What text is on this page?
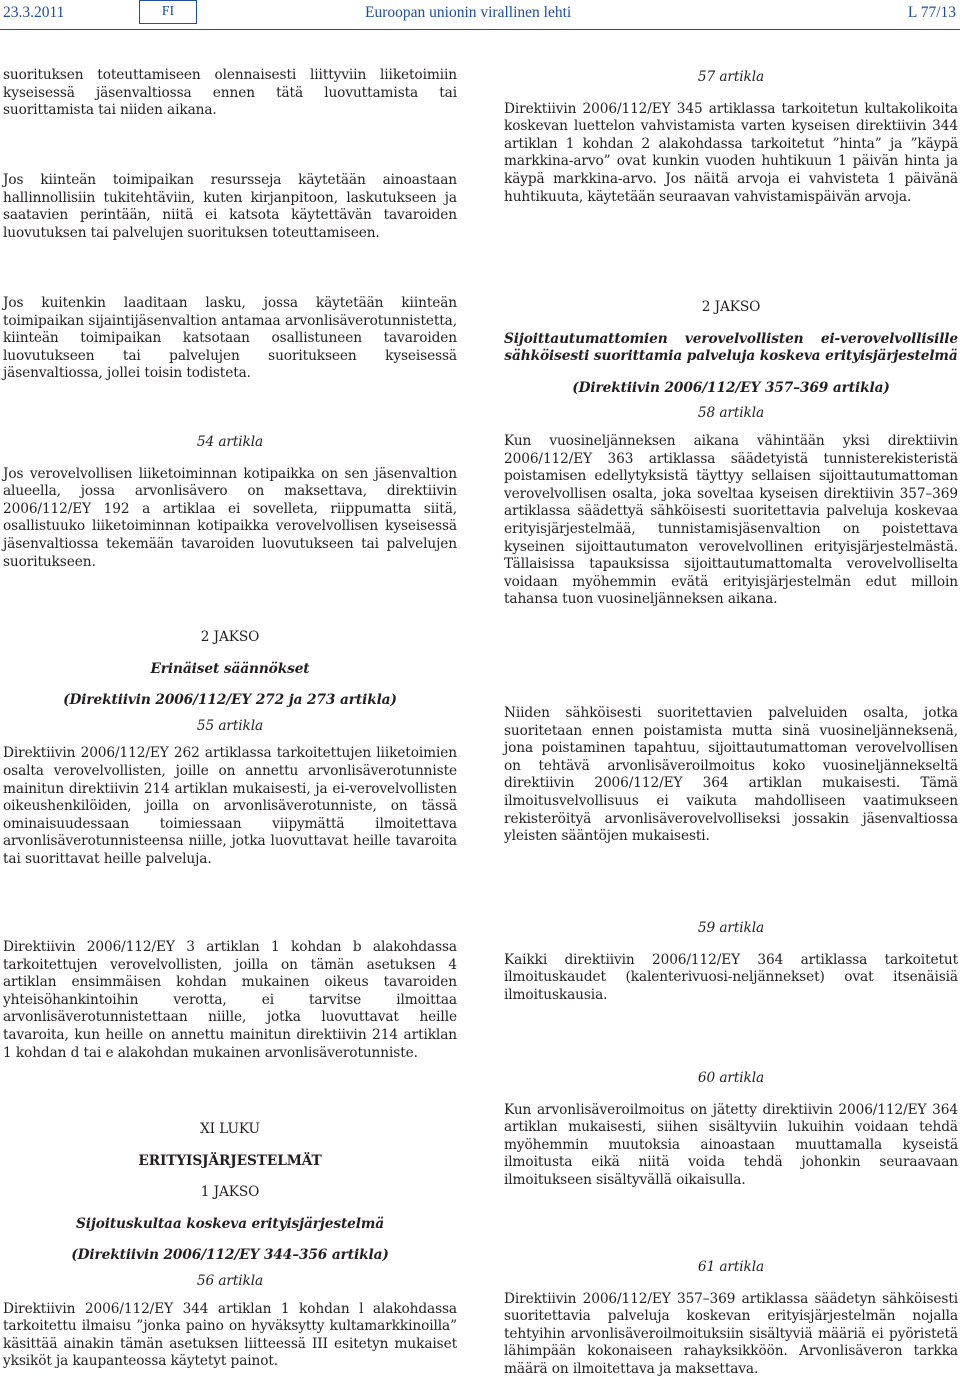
23.3.2011	FI	Euroopan unionin virallinen lehti	L 77/13

suorituksen toteuttamiseen olennaisesti liittyviin liiketoimiin kyseisessä jäsenvaltiossa ennen tätä luovuttamista tai suorittamista tai niiden aikana.

Jos kiinteän toimipaikan resursseja käytetään ainoastaan hallinnollisiin tukitehtäviin, kuten kirjanpitoon, laskutukseen ja saatavien perintään, niitä ei katsota käytettävän tavaroiden luovutuksen tai palvelujen suorituksen toteuttamiseen.

Jos kuitenkin laaditaan lasku, jossa käytetään kiinteän toimipaikan sijaintijäsenvaltion antamaa arvonlisäverotunnistetta, kiinteän toimipaikan katsotaan osallistuneen tavaroiden luovutukseen tai palvelujen suoritukseen kyseisessä jäsenvaltiossa, jollei toisin todisteta.

54 artikla

Jos verovelvollisen liiketoiminnan kotipaikka on sen jäsenvaltion alueella, jossa arvonlisävero on maksettava, direktiivin 2006/112/EY 192 a artiklaa ei sovelleta, riippumatta siitä, osallistuuko liiketoiminnan kotipaikka verovelvollisen kyseisessä jäsenvaltiossa tekemään tavaroiden luovutukseen tai palvelujen suoritukseen.

2 JAKSO

Erinäiset säännökset

(Direktiivin 2006/112/EY 272 ja 273 artikla)

55 artikla

Direktiivin 2006/112/EY 262 artiklassa tarkoitettujen liiketoimien osalta verovelvollisten, joille on annettu arvonlisäverotunniste mainitun direktiivin 214 artiklan mukaisesti, ja ei-verovelvollisten oikeushenkilöiden, joilla on arvonlisäverotunniste, on tässä ominaisuudessaan toimiessaan viipymättä ilmoitettava arvonlisäverotunnisteensa niille, jotka luovuttavat heille tavaroita tai suorittavat heille palveluja.

Direktiivin 2006/112/EY 3 artiklan 1 kohdan b alakohdassa tarkoitettujen verovelvollisten, joilla on tämän asetuksen 4 artiklan ensimmäisen kohdan mukainen oikeus tavaroiden yhteisöhankintoihin verotta, ei tarvitse ilmoittaa arvonlisäverotunnistettaan niille, jotka luovuttavat heille tavaroita, kun heille on annettu mainitun direktiivin 214 artiklan 1 kohdan d tai e alakohdan mukainen arvonlisäverotunniste.

XI LUKU

ERITYISJÄRJESTELMÄT

1 JAKSO

Sijoituskultaa koskeva erityisjärjestelmä

(Direktiivin 2006/112/EY 344–356 artikla)

56 artikla

Direktiivin 2006/112/EY 344 artiklan 1 kohdan l alakohdassa tarkoitettu ilmaisu ”jonka paino on hyväksytty kultamarkkinoilla” käsittää ainakin tämän asetuksen liitteessä III esitetyn mukaiset yksiköt ja kaupanteossa käytetyt painot.

57 artikla

Direktiivin 2006/112/EY 345 artiklassa tarkoitetun kultakolikoita koskevan luettelon vahvistamista varten kyseisen direktiivin 344 artiklan 1 kohdan 2 alakohdassa tarkoitetut ”hinta” ja ”käypä markkina-arvo” ovat kunkin vuoden huhtikuun 1 päivän hinta ja käypä markkina-arvo. Jos näitä arvoja ei vahvisteta 1 päivänä huhtikuuta, käytetään seuraavan vahvistamispäivän arvoja.

2 JAKSO

Sijoittautumattomien verovelvollisten ei-verovelvollisille sähköisesti suorittamia palveluja koskeva erityisjärjestelmä

(Direktiivin 2006/112/EY 357–369 artikla)

58 artikla

Kun vuosineljänneksen aikana vähintään yksi direktiivin 2006/112/EY 363 artiklassa säädetyistä tunnisterekisteristä poistamisen edellytyksistä täyttyy sellaisen sijoittautumattoman verovelvollisen osalta, joka soveltaa kyseisen direktiivin 357–369 artiklassa säädettyä sähköisesti suoritettavia palveluja koskevaa erityisjärjestelmää, tunnistamisjäsenvaltion on poistettava kyseinen sijoittautumaton verovelvollinen erityisjärjestelmästä. Tällaisissa tapauksissa sijoittautumattomalta verovelvolliselta voidaan myöhemmin evätä erityisjärjestelmän edut milloin tahansa tuon vuosineljänneksen aikana.

Niiden sähköisesti suoritettavien palveluiden osalta, jotka suoritetaan ennen poistamista mutta sinä vuosineljänneksenä, jona poistaminen tapahtuu, sijoittautumattoman verovelvollisen on tehtävä arvonlisäveroilmoitus koko vuosineljännekseltä direktiivin 2006/112/EY 364 artiklan mukaisesti. Tämä ilmoitusvelvollisuus ei vaikuta mahdolliseen vaatimukseen rekisteröityä arvonlisäverovelvolliseksi jossakin jäsenvaltiossa yleisten sääntöjen mukaisesti.

59 artikla

Kaikki direktiivin 2006/112/EY 364 artiklassa tarkoitetut ilmoituskaudet (kalenterivuosi-neljännekset) ovat itsenäisiä ilmoituskausia.

60 artikla

Kun arvonlisäveroilmoitus on jätetty direktiivin 2006/112/EY 364 artiklan mukaisesti, siihen sisältyviin lukuihin voidaan tehdä myöhemmin muutoksia ainoastaan muuttamalla kyseistä ilmoitusta eikä niitä voida tehdä johonkin seuraavaan ilmoitukseen sisältyvällä oikaisulla.

61 artikla

Direktiivin 2006/112/EY 357–369 artiklassa säädetyn sähköisesti suoritettavia palveluja koskevan erityisjärjestelmän nojalla tehtyihin arvonlisäveroilmoituksiin sisältyviä määriä ei pyöristetä lähimpään kokonaiseen rahayksikköön. Arvonlisäveron tarkka määrä on ilmoitettava ja maksettava.
